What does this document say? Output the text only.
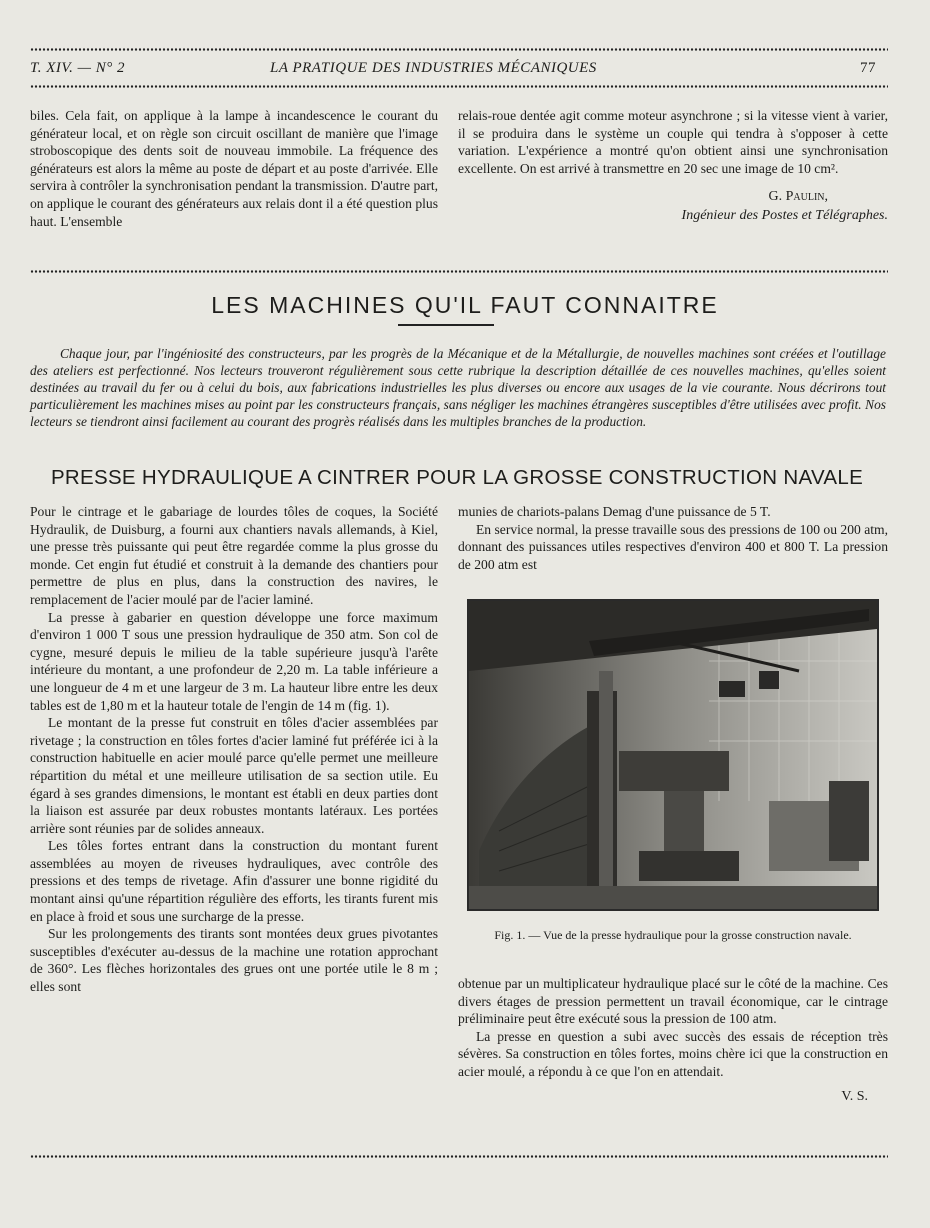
T. XIV. — N° 2	LA PRATIQUE DES INDUSTRIES MÉCANIQUES	77

biles. Cela fait, on applique à la lampe à incandescence le courant du générateur local, et on règle son circuit oscillant de manière que l'image stroboscopique des dents soit de nouveau immobile. La fréquence des générateurs est alors la même au poste de départ et au poste d'arrivée. Elle servira à contrôler la synchronisation pendant la transmission. D'autre part, on applique le courant des générateurs aux relais dont il a été question plus haut. L'ensemble

relais-roue dentée agit comme moteur asynchrone ; si la vitesse vient à varier, il se produira dans le système un couple qui tendra à s'opposer à cette variation. L'expérience a montré qu'on obtient ainsi une synchronisation excellente. On est arrivé à transmettre en 20 sec une image de 10 cm².

G. Paulin,
Ingénieur des Postes et Télégraphes.
LES MACHINES QU'IL FAUT CONNAITRE
Chaque jour, par l'ingéniosité des constructeurs, par les progrès de la Mécanique et de la Métallurgie, de nouvelles machines sont créées et l'outillage des ateliers est perfectionné. Nos lecteurs trouveront régulièrement sous cette rubrique la description détaillée de ces nouvelles machines, qu'elles soient destinées au travail du fer ou à celui du bois, aux fabrications industrielles les plus diverses ou encore aux usages de la vie courante. Nous décrirons tout particulièrement les machines mises au point par les constructeurs français, sans négliger les machines étrangères susceptibles d'être utilisées avec profit. Nos lecteurs se tiendront ainsi facilement au courant des progrès réalisés dans les multiples branches de la production.
PRESSE HYDRAULIQUE A CINTRER POUR LA GROSSE CONSTRUCTION NAVALE

Pour le cintrage et le gabariage de lourdes tôles de coques, la Société Hydraulik, de Duisburg, a fourni aux chantiers navals allemands, à Kiel, une presse très puissante qui peut être regardée comme la plus grosse du monde. Cet engin fut étudié et construit à la demande des chantiers pour permettre de plus en plus, dans la construction des navires, le remplacement de l'acier moulé par de l'acier laminé.

La presse à gabarier en question développe une force maximum d'environ 1 000 T sous une pression hydraulique de 350 atm. Son col de cygne, mesuré depuis le milieu de la table supérieure jusqu'à l'arête intérieure du montant, a une profondeur de 2,20 m. La table inférieure a une longueur de 4 m et une largeur de 3 m. La hauteur libre entre les deux tables est de 1,80 m et la hauteur totale de l'engin de 14 m (fig. 1).

Le montant de la presse fut construit en tôles d'acier assemblées par rivetage ; la construction en tôles fortes d'acier laminé fut préférée ici à la construction habituelle en acier moulé parce qu'elle permet une meilleure répartition du métal et une meilleure utilisation de sa section utile. Eu égard à ses grandes dimensions, le montant est établi en deux parties dont la liaison est assurée par deux robustes montants latéraux. Les portées arrière sont réunies par de solides anneaux.

Les tôles fortes entrant dans la construction du montant furent assemblées au moyen de riveuses hydrauliques, avec contrôle des pressions et des temps de rivetage. Afin d'assurer une bonne rigidité du montant ainsi qu'une répartition régulière des efforts, les tirants furent mis en place à froid et sous une surcharge de la presse.

Sur les prolongements des tirants sont montées deux grues pivotantes susceptibles d'exécuter au-dessus de la machine une rotation approchant de 360°. Les flèches horizontales des grues ont une portée utile le 8 m ; elles sont

munies de chariots-palans Demag d'une puissance de 5 T.

En service normal, la presse travaille sous des pressions de 100 ou 200 atm, donnant des puissances utiles respectives d'environ 400 et 800 T. La pression de 200 atm est

Fig. 1. — Vue de la presse hydraulique pour la grosse construction navale.

obtenue par un multiplicateur hydraulique placé sur le côté de la machine. Ces divers étages de pression permettent un travail économique, car le cintrage préliminaire peut être exécuté sous la pression de 100 atm.

La presse en question a subi avec succès des essais de réception très sévères. Sa construction en tôles fortes, moins chère ici que la construction en acier moulé, a répondu à ce que l'on en attendait.

V. S.
